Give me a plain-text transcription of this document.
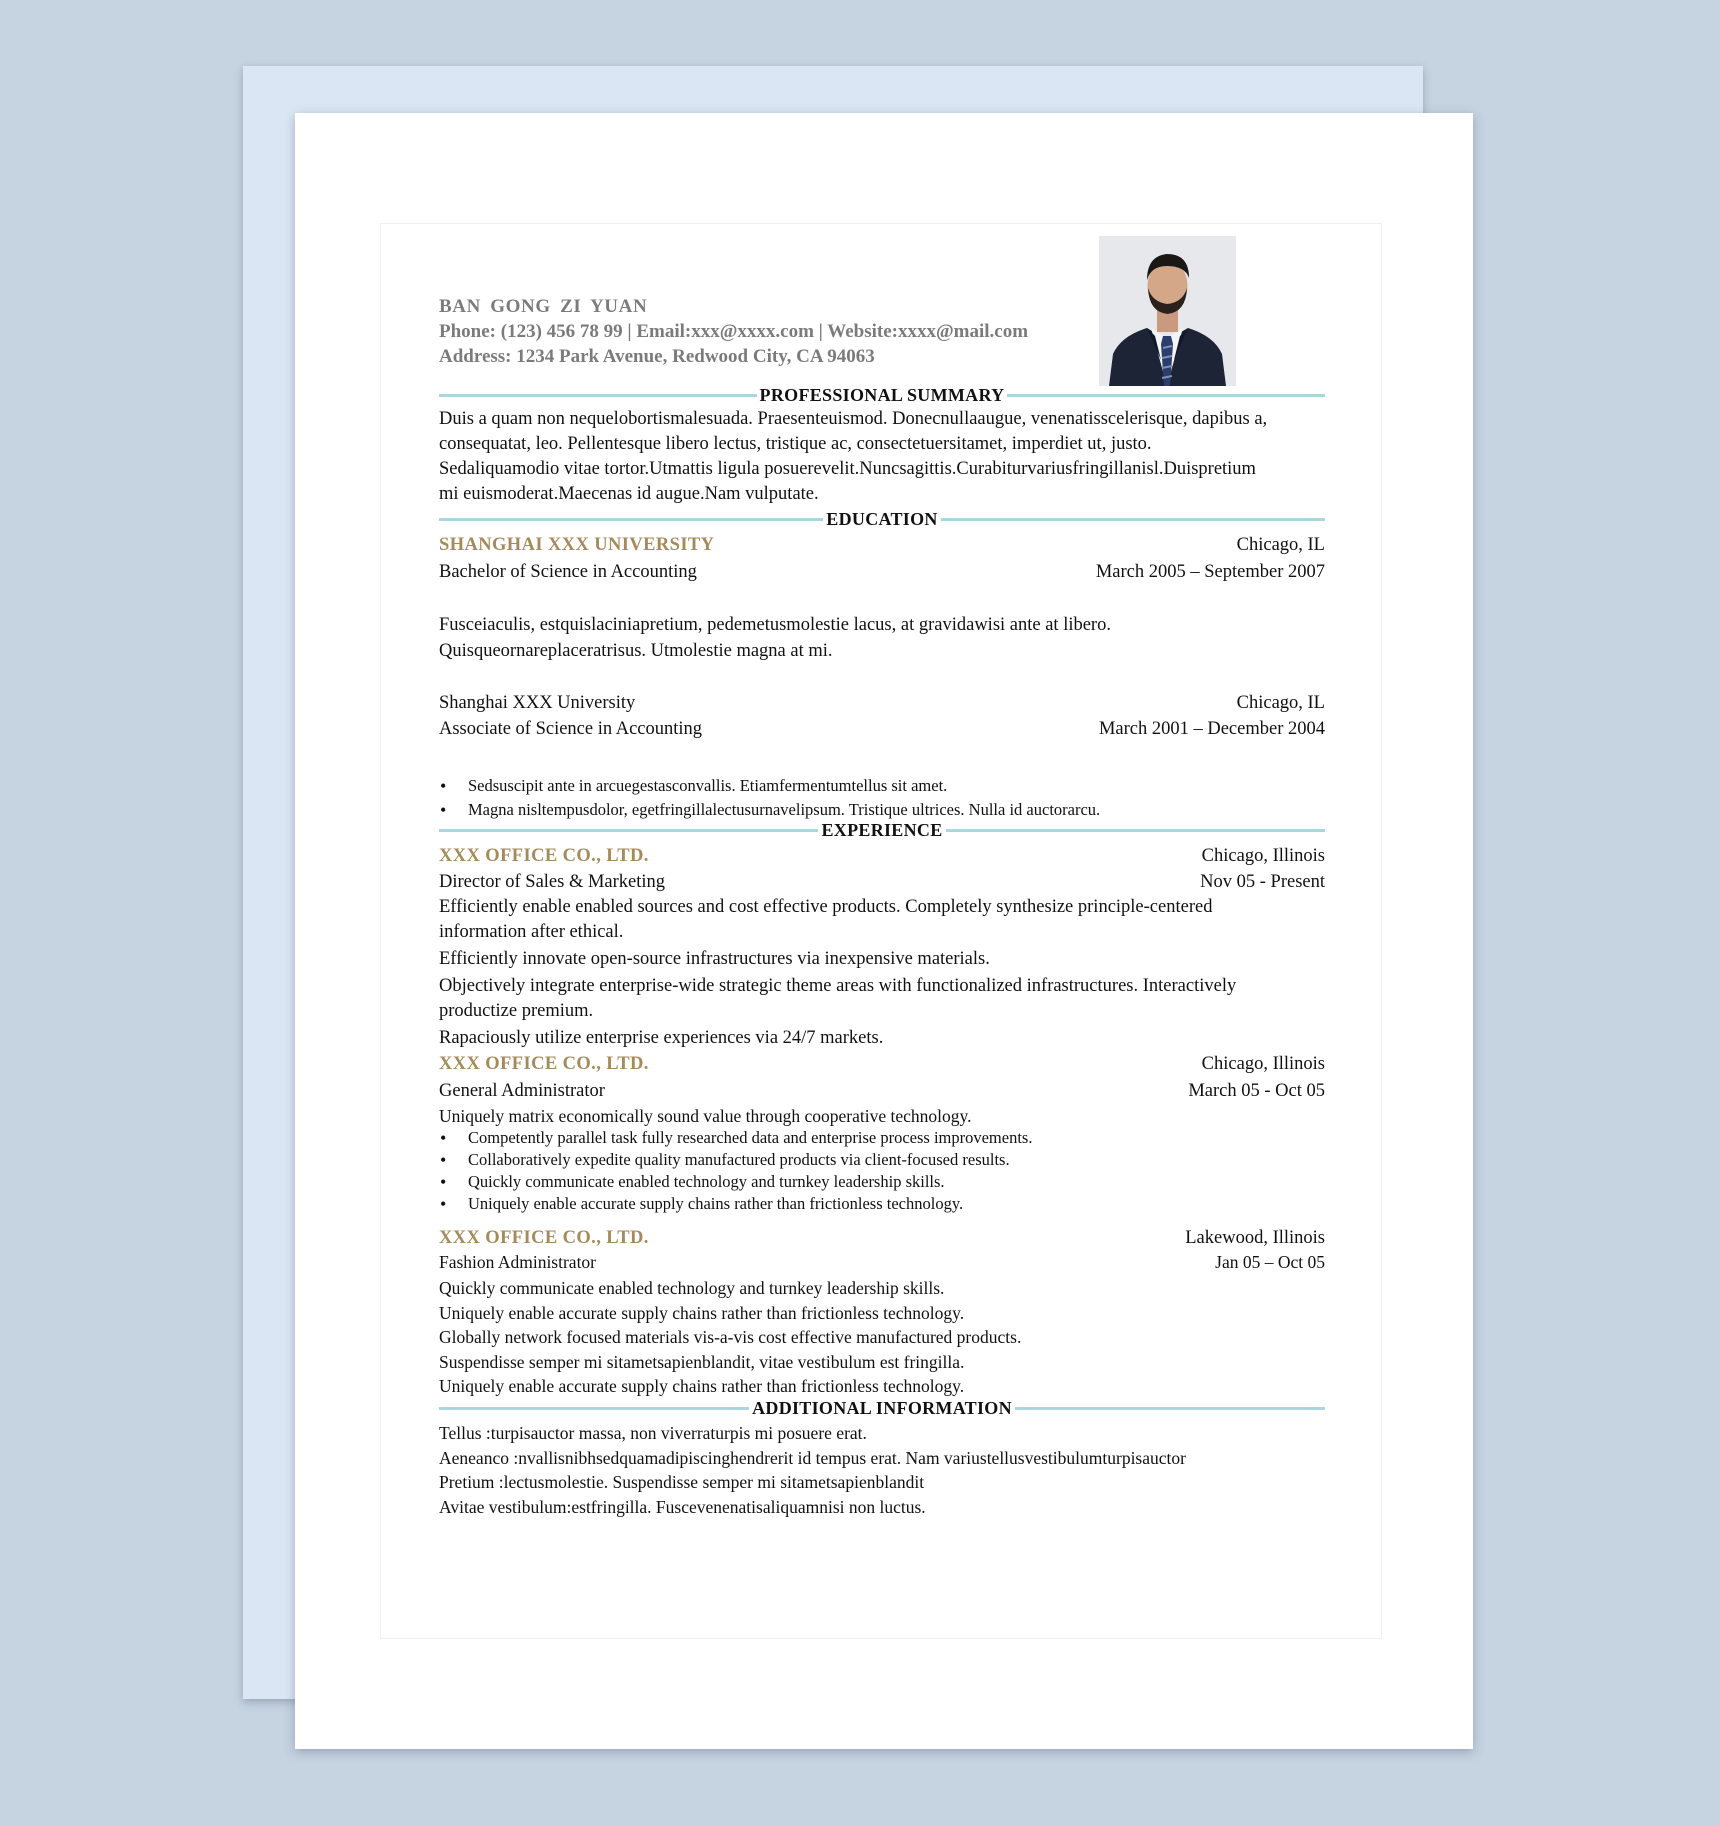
BAN GONG ZI YUAN
Phone: (123) 456 78 99 | Email:xxx@xxxx.com | Website:xxxx@mail.com
Address: 1234 Park Avenue, Redwood City, CA 94063
PROFESSIONAL SUMMARY
Duis a quam non nequelobortismalesuada. Praesenteuismod. Donecnullaaugue, venenatisscelerisque, dapibus a,
consequatat, leo. Pellentesque libero lectus, tristique ac, consectetuersitamet, imperdiet ut, justo.
Sedaliquamodio vitae tortor.Utmattis ligula posuerevelit.Nuncsagittis.Curabiturvariusfringillanisl.Duispretium
mi euismoderat.Maecenas id augue.Nam vulputate.
EDUCATION
SHANGHAI XXX UNIVERSITY	Chicago, IL
Bachelor of Science in Accounting	March 2005 – September 2007
Fusceiaculis, estquislaciniapretium, pedemetusmolestie lacus, at gravidawisi ante at libero.
Quisqueornareplaceratrisus. Utmolestie magna at mi.
Shanghai XXX University	Chicago, IL
Associate of Science in Accounting	March 2001 – December 2004
• Sedsuscipit ante in arcuegestasconvallis. Etiamfermentumtellus sit amet.
• Magna nisltempusdolor, egetfringillalectusurnavelipsum. Tristique ultrices. Nulla id auctorarcu.
EXPERIENCE
XXX OFFICE CO., LTD.	Chicago, Illinois
Director of Sales & Marketing	Nov 05 - Present
Efficiently enable enabled sources and cost effective products. Completely synthesize principle-centered
information after ethical.
Efficiently innovate open-source infrastructures via inexpensive materials.
Objectively integrate enterprise-wide strategic theme areas with functionalized infrastructures. Interactively
productize premium.
Rapaciously utilize enterprise experiences via 24/7 markets.
XXX OFFICE CO., LTD.	Chicago, Illinois
General Administrator	March 05 - Oct 05
Uniquely matrix economically sound value through cooperative technology.
• Competently parallel task fully researched data and enterprise process improvements.
• Collaboratively expedite quality manufactured products via client-focused results.
• Quickly communicate enabled technology and turnkey leadership skills.
• Uniquely enable accurate supply chains rather than frictionless technology.
XXX OFFICE CO., LTD.	Lakewood, Illinois
Fashion Administrator	Jan 05 – Oct 05
Quickly communicate enabled technology and turnkey leadership skills.
Uniquely enable accurate supply chains rather than frictionless technology.
Globally network focused materials vis-a-vis cost effective manufactured products.
Suspendisse semper mi sitametsapienblandit, vitae vestibulum est fringilla.
Uniquely enable accurate supply chains rather than frictionless technology.
ADDITIONAL INFORMATION
Tellus :turpisauctor massa, non viverraturpis mi posuere erat.
Aeneanco :nvallisnibhsedquamadipiscinghendrerit id tempus erat. Nam variustellusvestibulumturpisauctor
Pretium :lectusmolestie. Suspendisse semper mi sitametsapienblandit
Avitae vestibulum:estfringilla. Fuscevenenatisaliquamnisi non luctus.
